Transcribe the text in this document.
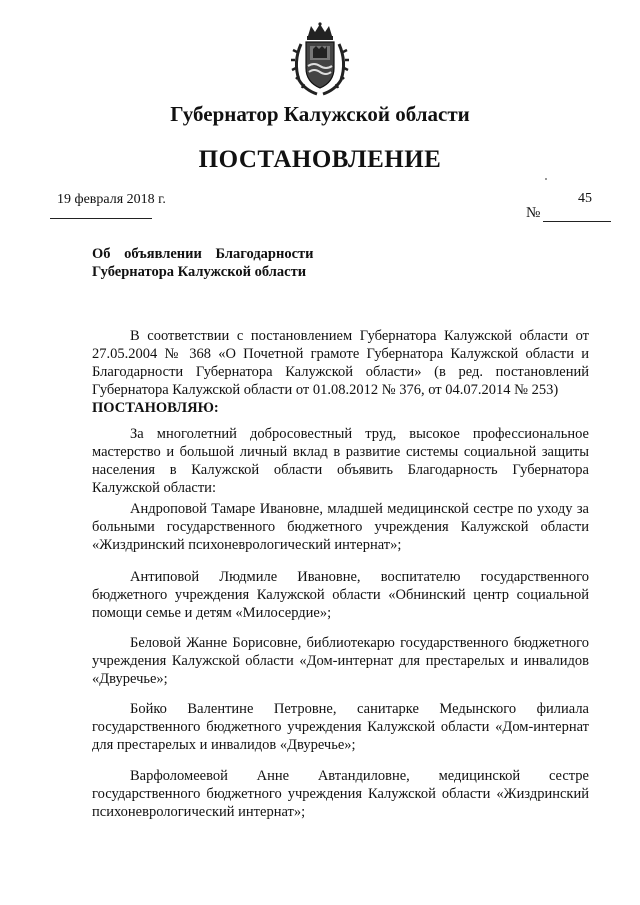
Губернатор Калужской области
ПОСТАНОВЛЕНИЕ
19 февраля 2018 г.	45
№
Об объявлении Благодарности
Губернатора Калужской области

В соответствии с постановлением Губернатора Калужской области от 27.05.2004 № 368 «О Почетной грамоте Губернатора Калужской области и Благодарности Губернатора Калужской области» (в ред. постановлений Губернатора Калужской области от 01.08.2012 № 376, от 04.07.2014 № 253)
ПОСТАНОВЛЯЮ:

За многолетний добросовестный труд, высокое профессиональное мастерство и большой личный вклад в развитие системы социальной защиты населения в Калужской области объявить Благодарность Губернатора Калужской области:

Андроповой Тамаре Ивановне, младшей медицинской сестре по уходу за больными государственного бюджетного учреждения Калужской области «Жиздринский психоневрологический интернат»;

Антиповой Людмиле Ивановне, воспитателю государственного бюджетного учреждения Калужской области «Обнинский центр социальной помощи семье и детям «Милосердие»;

Беловой Жанне Борисовне, библиотекарю государственного бюджетного учреждения Калужской области «Дом-интернат для престарелых и инвалидов «Двуречье»;

Бойко Валентине Петровне, санитарке Медынского филиала государственного бюджетного учреждения Калужской области «Дом-интернат для престарелых и инвалидов «Двуречье»;

Варфоломеевой Анне Автандиловне, медицинской сестре государственного бюджетного учреждения Калужской области «Жиздринский психоневрологический интернат»;
